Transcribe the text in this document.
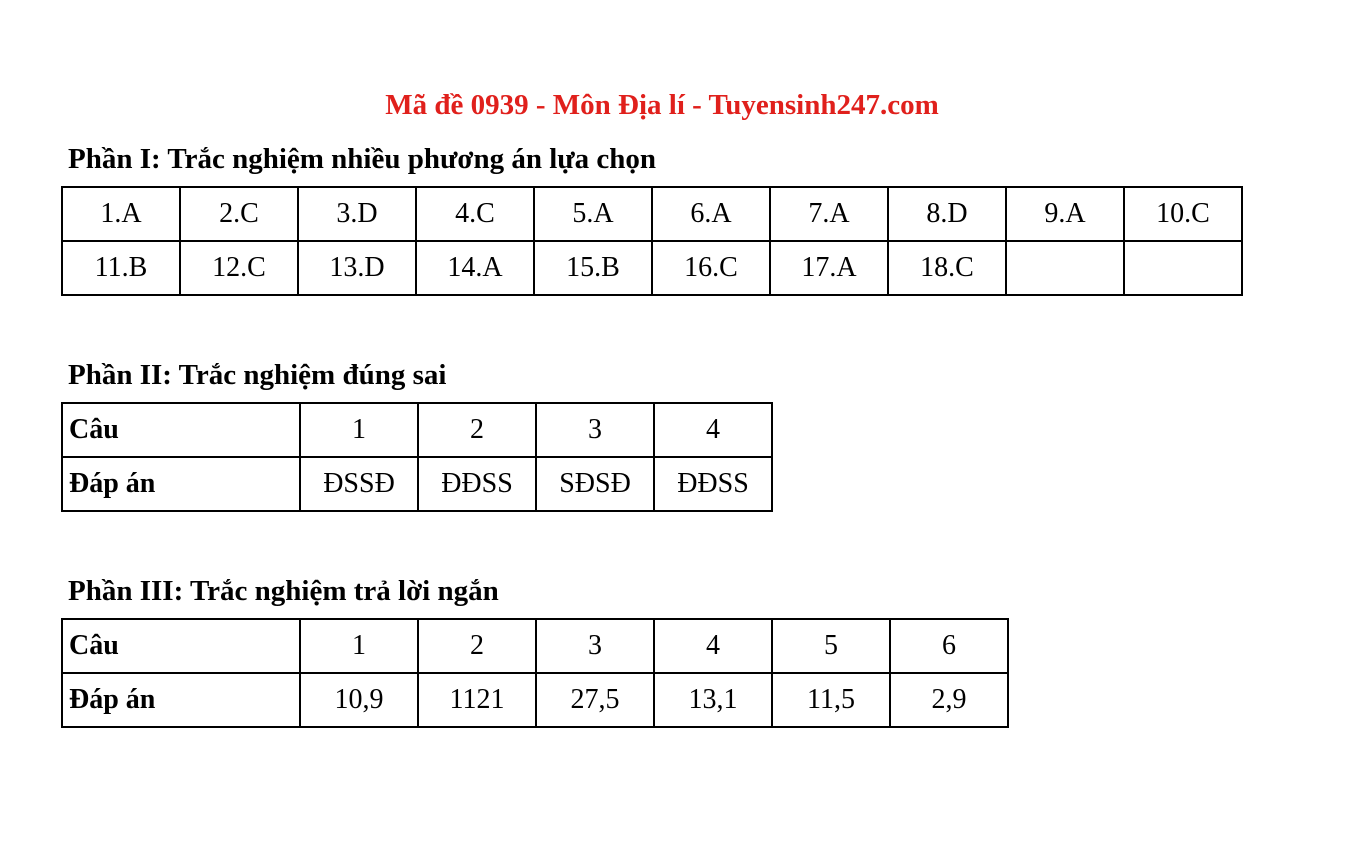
Mã đề 0939 - Môn Địa lí - Tuyensinh247.com
Phần I: Trắc nghiệm nhiều phương án lựa chọn
1.A	2.C	3.D	4.C	5.A	6.A	7.A	8.D	9.A	10.C
11.B	12.C	13.D	14.A	15.B	16.C	17.A	18.C		
Phần II: Trắc nghiệm đúng sai
Câu	1	2	3	4
Đáp án	ĐSSĐ	ĐĐSS	SĐSĐ	ĐĐSS
Phần III: Trắc nghiệm trả lời ngắn
Câu	1	2	3	4	5	6
Đáp án	10,9	1121	27,5	13,1	11,5	2,9
